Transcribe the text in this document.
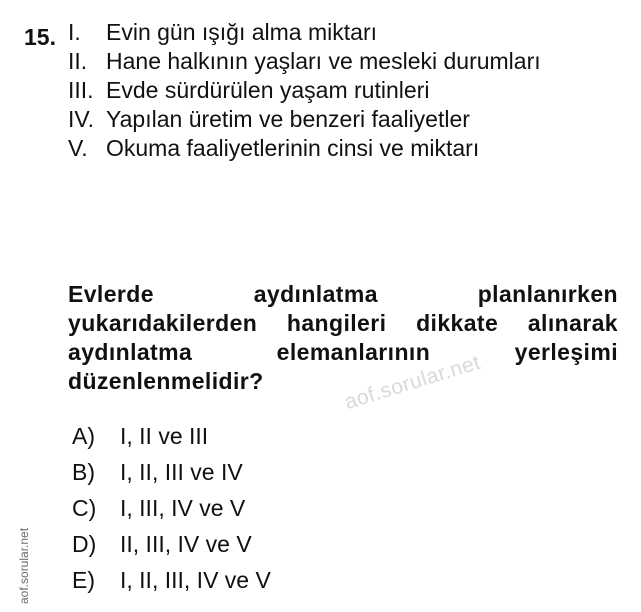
15. I.	Evin gün ışığı alma miktarı
II. Hane halkının yaşları ve mesleki durumları
III. Evde sürdürülen yaşam rutinleri
IV. Yapılan üretim ve benzeri faaliyetler
V. Okuma faaliyetlerinin cinsi ve miktarı
Evlerde aydınlatma planlanırken yukarıdakilerden hangileri dikkate alınarak aydınlatma elemanlarının yerleşimi düzenlenmelidir?	aof.sorular.net
A)	I, II ve III
B)	I, II, III ve IV
C)	I, III, IV ve V
D)	II, III, IV ve V
E)	I, II, III, IV ve V
aof.sorular.net
